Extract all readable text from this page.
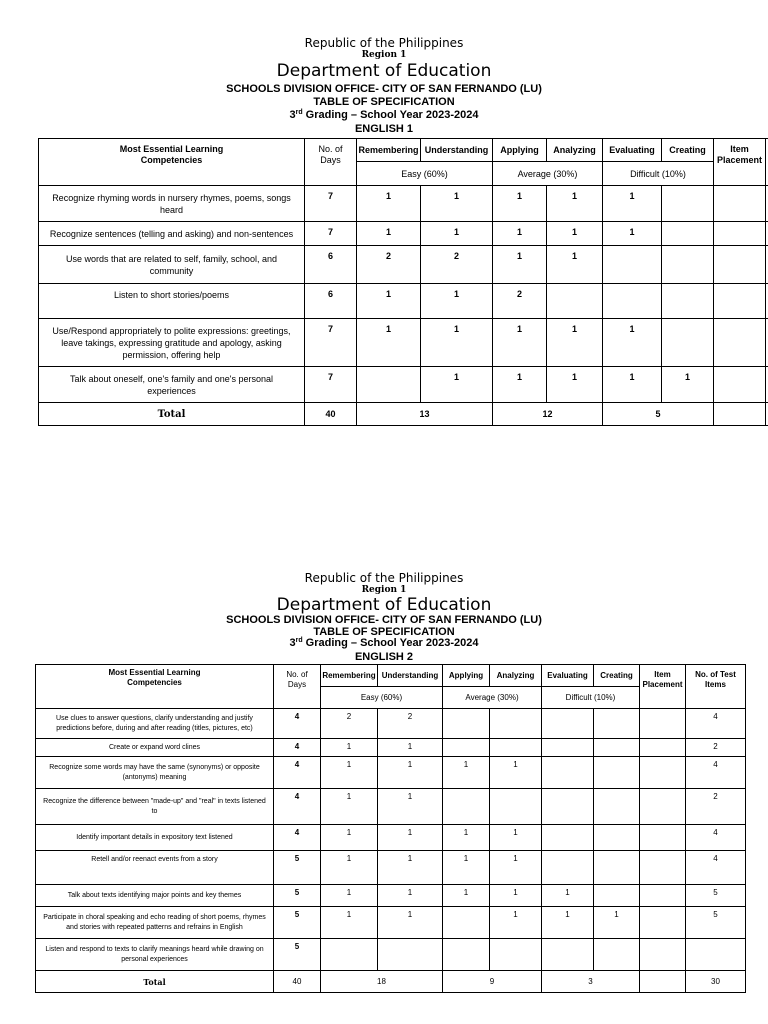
Republic of the Philippines
Region 1
Department of Education
SCHOOLS DIVISION OFFICE- CITY OF SAN FERNANDO (LU)
TABLE OF SPECIFICATION
3rd Grading – School Year 2023-2024
ENGLISH 1
Most Essential Learning Competencies	No. of Days	Remembering	Understanding	Applying	Analyzing	Evaluating	Creating	Item Placement	
		Easy (60%)		Average (30%)		Difficult (10%)			
Recognize rhyming words in nursery rhymes, poems, songs heard	7	1	1	1	1	1			
Recognize sentences (telling and asking) and non-sentences	7	1	1	1	1	1			
Use words that are related to self, family, school, and community	6	2	2	1	1				
Listen to short stories/poems	6	1	1	2					
Use/Respond appropriately to polite expressions: greetings, leave takings, expressing gratitude and apology, asking permission, offering help	7	1	1	1	1	1			
Talk about oneself, one's family and one's personal experiences	7		1	1	1	1	1		
Total	40	13		12		5			
Republic of the Philippines
Region 1
Department of Education
SCHOOLS DIVISION OFFICE- CITY OF SAN FERNANDO (LU)
TABLE OF SPECIFICATION
3rd Grading – School Year 2023-2024
ENGLISH 2
Most Essential Learning Competencies	No. of Days	Remembering	Understanding	Applying	Analyzing	Evaluating	Creating	Item Placement	No. of Test Items
		Easy (60%)		Average (30%)		Difficult (10%)			
Use clues to answer questions, clarify understanding and justify predictions before, during and after reading (titles, pictures, etc)	4	2	2						4
Create or expand word clines	4	1	1						2
Recognize some words may have the same (synonyms) or opposite (antonyms) meaning	4	1	1	1	1				4
Recognize the difference between "made-up" and "real" in texts listened to	4	1	1						2
Identify important details in expository text listened	4	1	1	1	1				4
Retell and/or reenact events from a story	5	1	1	1	1				4
Talk about texts identifying major points and key themes	5	1	1	1	1	1			5
Participate in choral speaking and echo reading of short poems, rhymes and stories with repeated patterns and refrains in English	5	1	1		1	1	1		5
Listen and respond to texts to clarify meanings heard while drawing on personal experiences	5								
Total	40	18		9		3			30
